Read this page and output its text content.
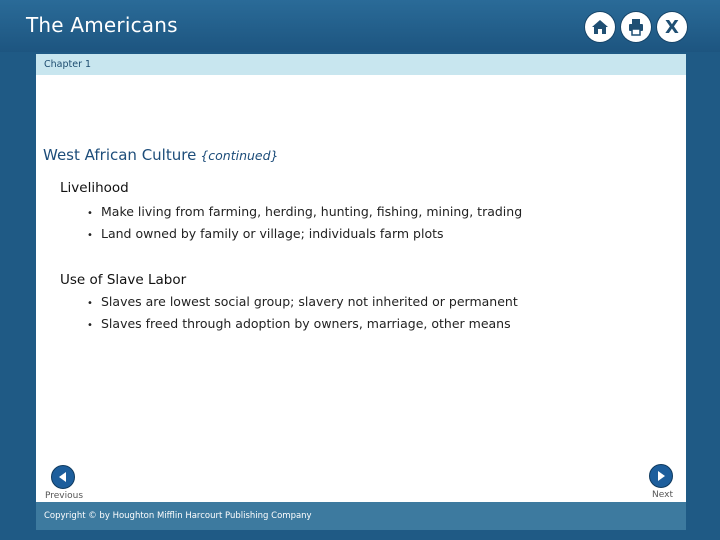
The Americans	X
Chapter 1
West African Culture {continued}
Livelihood
• Make living from farming, herding, hunting, fishing, mining, trading
• Land owned by family or village; individuals farm plots
Use of Slave Labor
• Slaves are lowest social group; slavery not inherited or permanent
• Slaves freed through adoption by owners, marriage, other means
Previous	Next
Copyright © by Houghton Mifflin Harcourt Publishing Company
